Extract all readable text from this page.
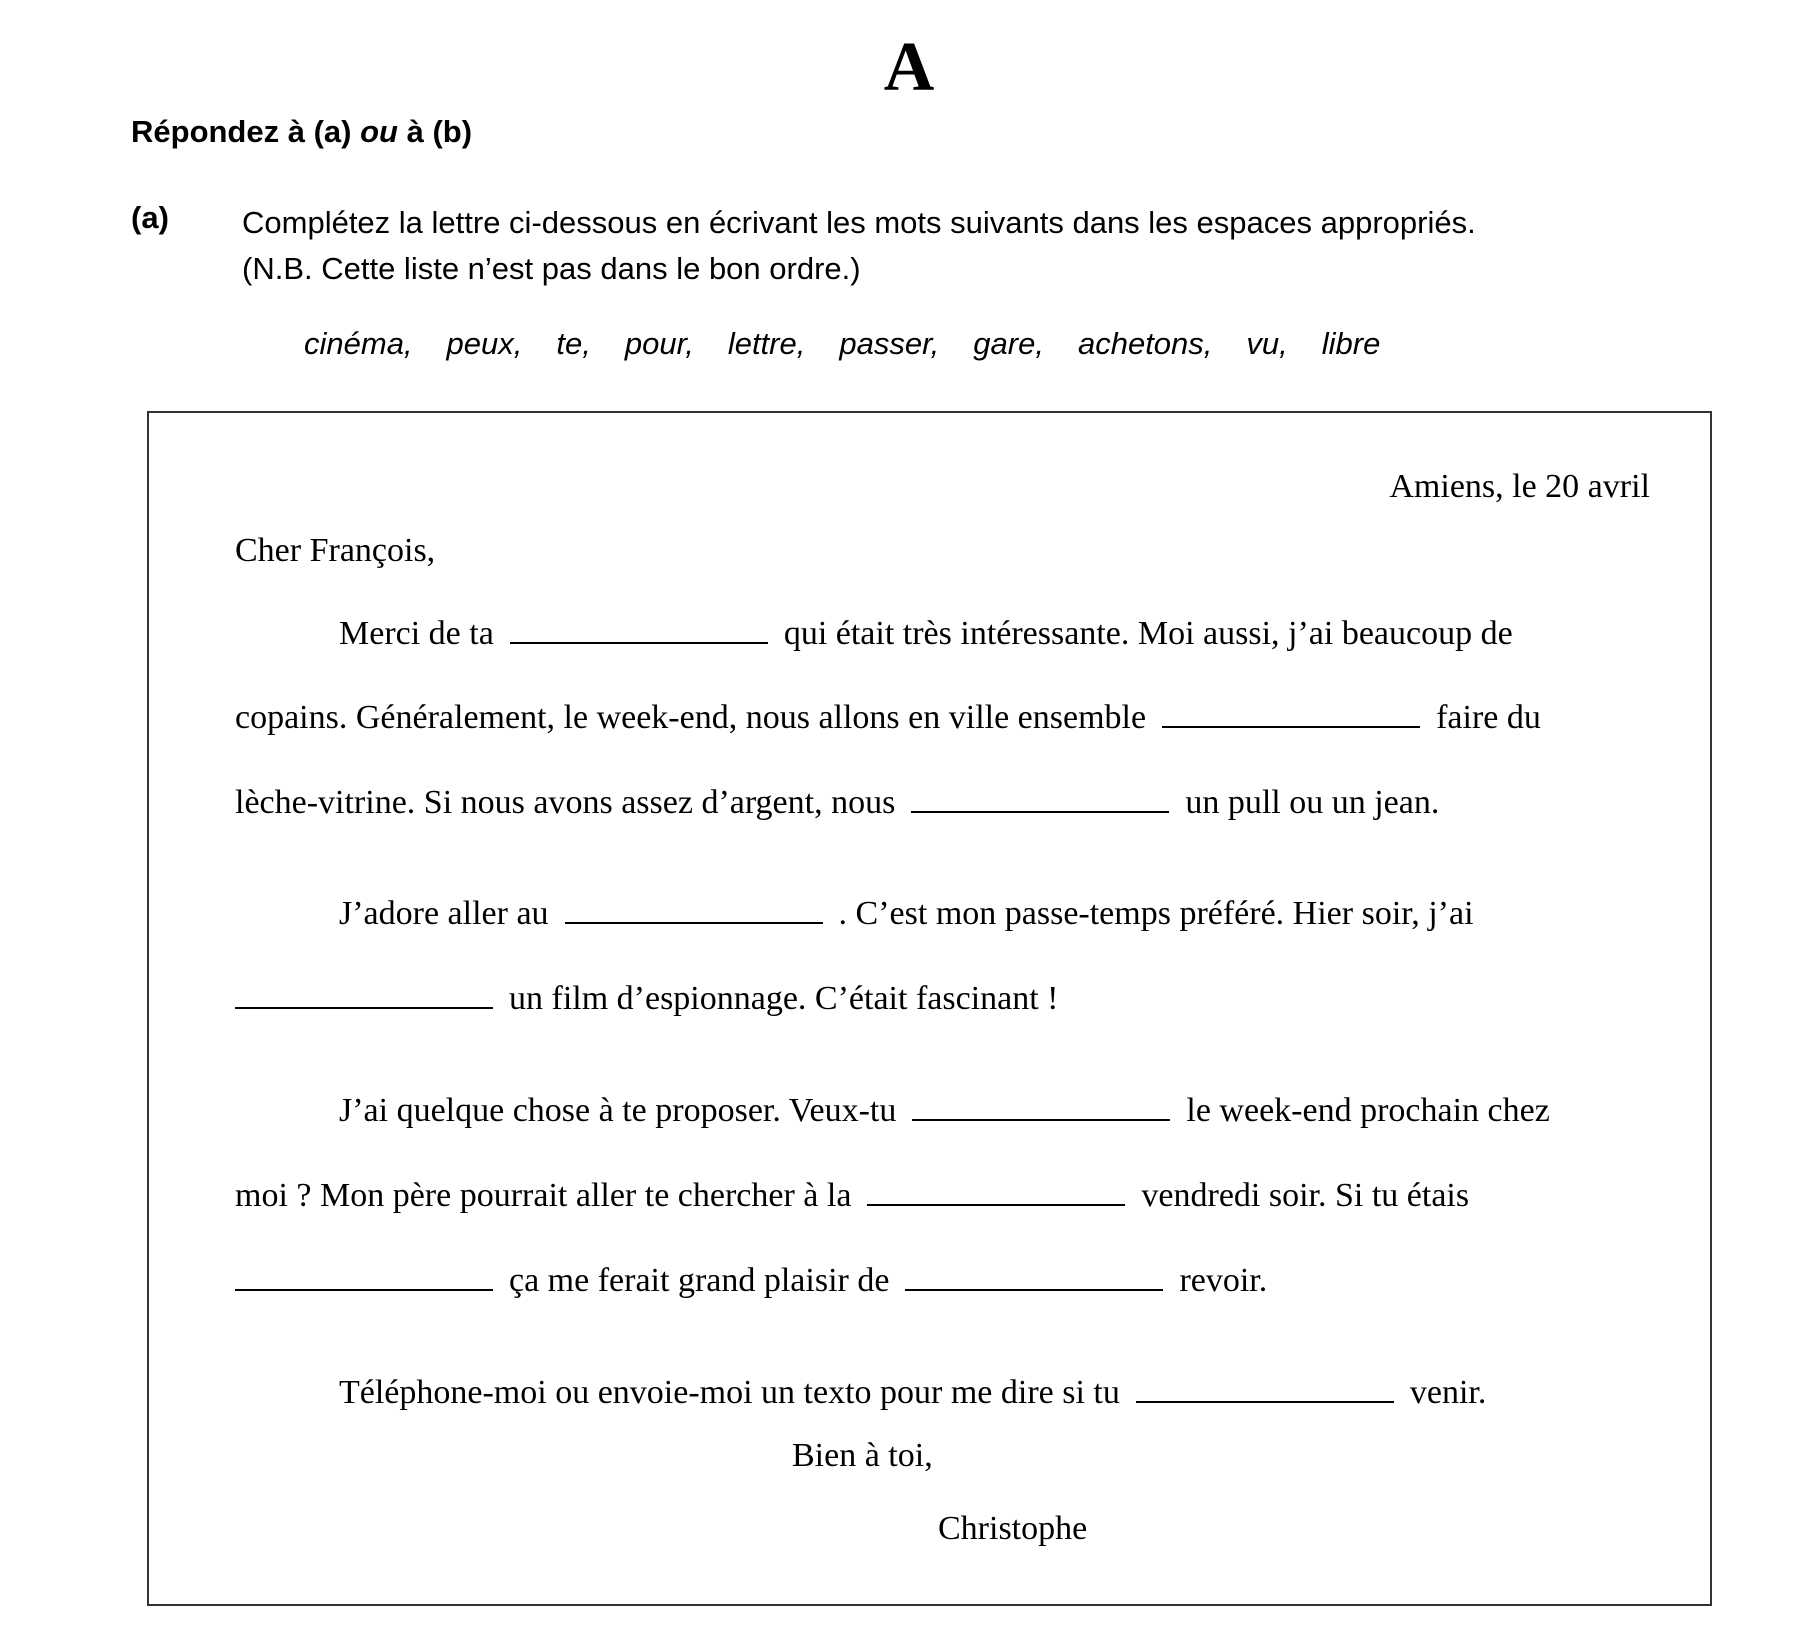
A
Répondez à (a) ou à (b)
(a) Complétez la lettre ci-dessous en écrivant les mots suivants dans les espaces appropriés.
(N.B. Cette liste n’est pas dans le bon ordre.)
cinéma, peux, te, pour, lettre, passer, gare, achetons, vu, libre
Amiens, le 20 avril
Cher François,
Merci de ta	qui était très intéressante. Moi aussi, j’ai beaucoup de
copains. Généralement, le week-end, nous allons en ville ensemble	faire du
lèche-vitrine. Si nous avons assez d’argent, nous	un pull ou un jean.
J’adore aller au	. C’est mon passe-temps préféré. Hier soir, j’ai
un film d’espionnage. C’était fascinant !
J’ai quelque chose à te proposer. Veux-tu	le week-end prochain chez
moi ? Mon père pourrait aller te chercher à la	vendredi soir. Si tu étais
ça me ferait grand plaisir de	revoir.
Téléphone-moi ou envoie-moi un texto pour me dire si tu	venir.
Bien à toi,
Christophe
